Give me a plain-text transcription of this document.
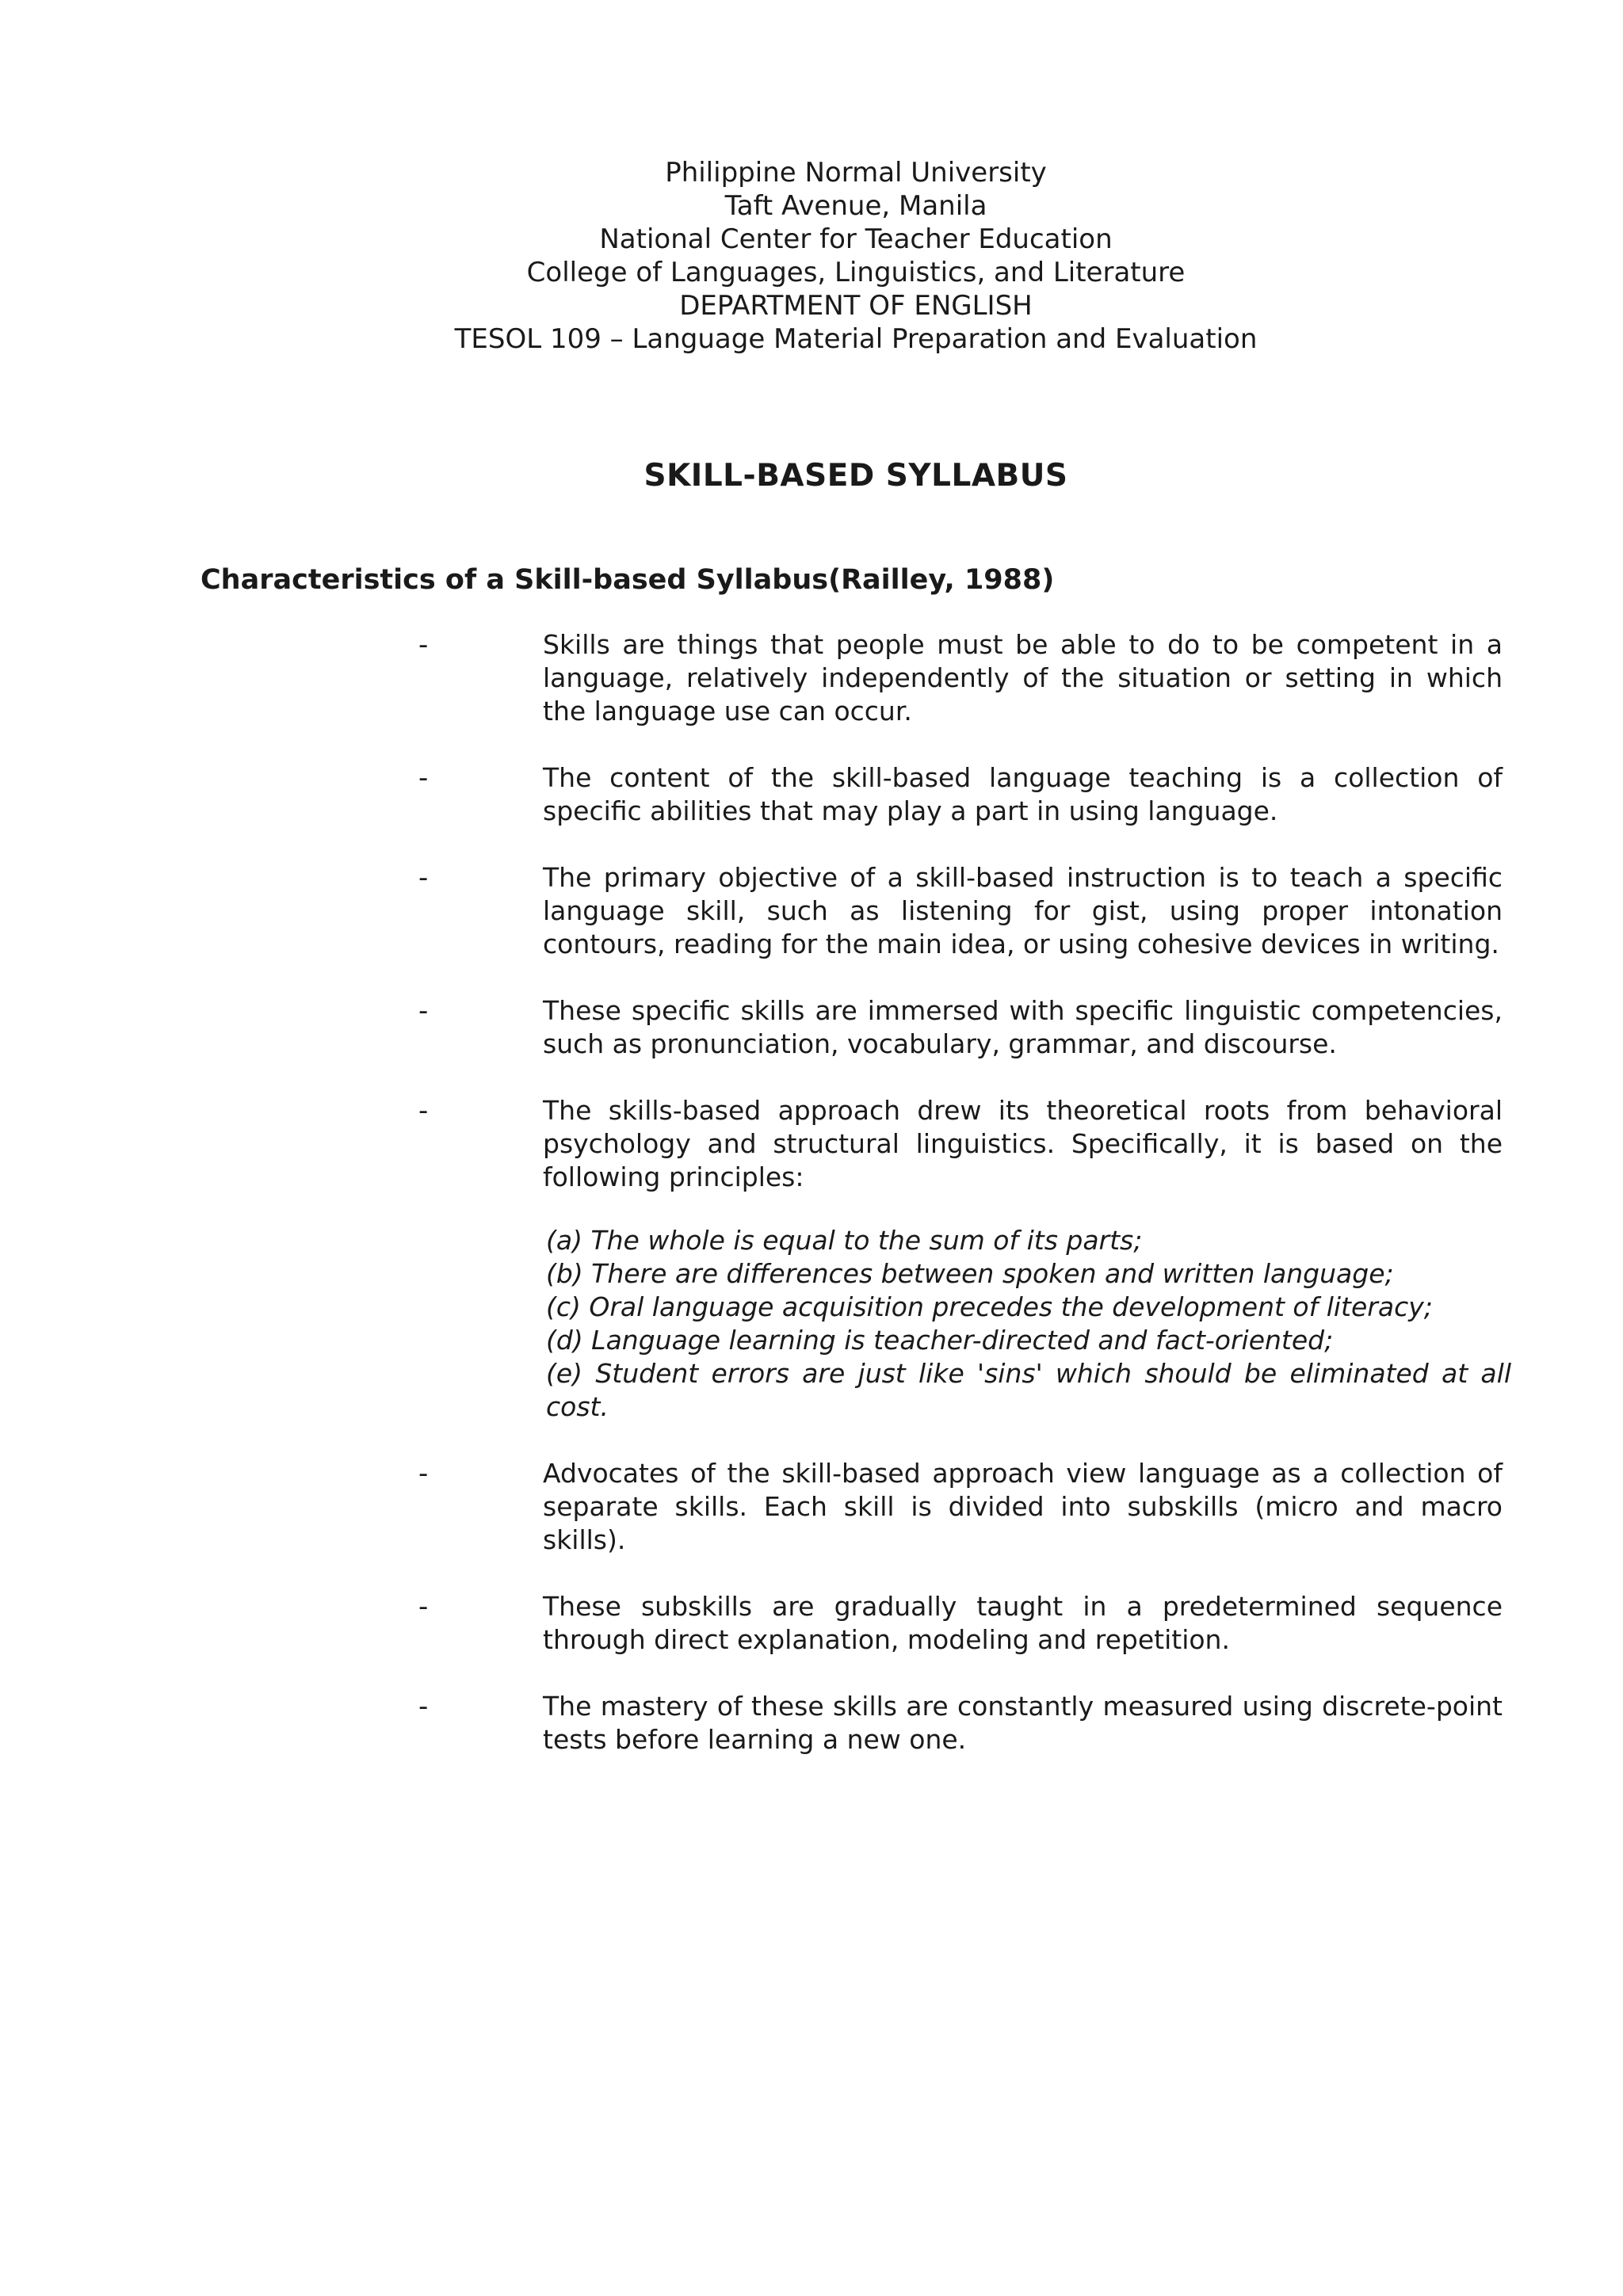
Philippine Normal University
Taft Avenue, Manila
National Center for Teacher Education
College of Languages, Linguistics, and Literature
DEPARTMENT OF ENGLISH
TESOL 109 – Language Material Preparation and Evaluation
SKILL-BASED SYLLABUS
Characteristics of a Skill-based Syllabus(Railley, 1988)
-	Skills are things that people must be able to do to be competent in a language, relatively independently of the situation or setting in which the language use can occur.
-	The content of the skill-based language teaching is a collection of specific abilities that may play a part in using language.
-	The primary objective of a skill-based instruction is to teach a specific language skill, such as listening for gist, using proper intonation contours, reading for the main idea, or using cohesive devices in writing.
-	These specific skills are immersed with specific linguistic competencies, such as pronunciation, vocabulary, grammar, and discourse.
-	The skills-based approach drew its theoretical roots from behavioral psychology and structural linguistics. Specifically, it is based on the following principles:
(a) The whole is equal to the sum of its parts;
(b) There are differences between spoken and written language;
(c) Oral language acquisition precedes the development of literacy;
(d) Language learning is teacher-directed and fact-oriented;
(e) Student errors are just like 'sins' which should be eliminated at all cost.
-	Advocates of the skill-based approach view language as a collection of separate skills. Each skill is divided into subskills (micro and macro skills).
-	These subskills are gradually taught in a predetermined sequence through direct explanation, modeling and repetition.
-	The mastery of these skills are constantly measured using discrete-point tests before learning a new one.
